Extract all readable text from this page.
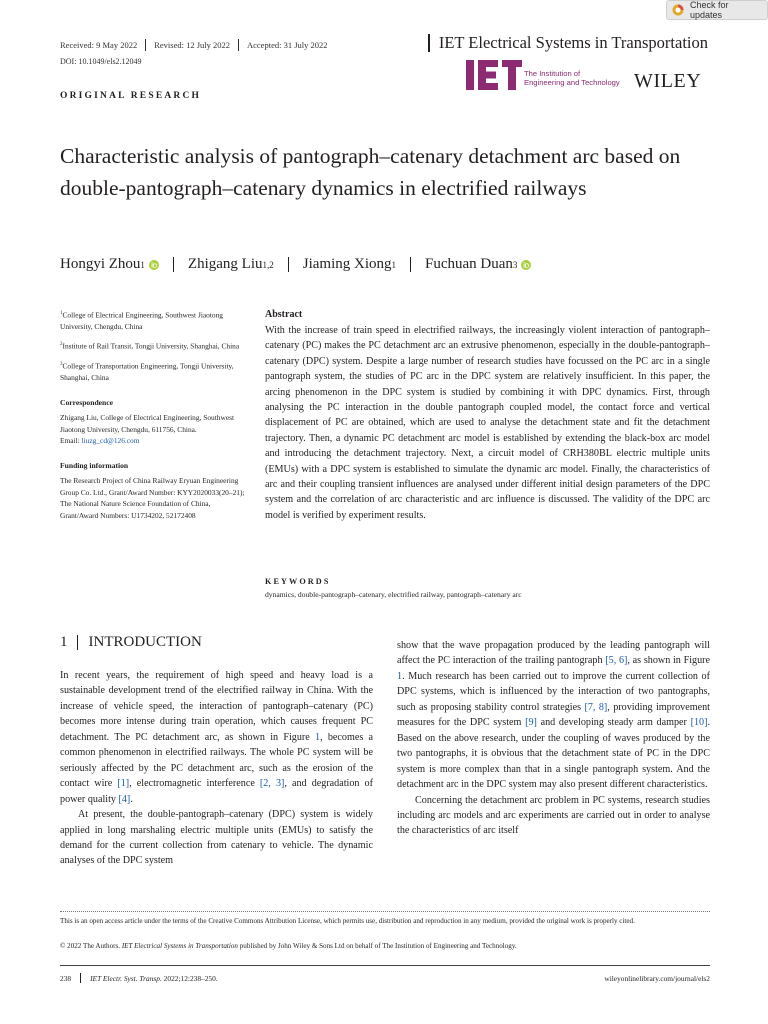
Check for updates
Received: 9 May 2022 Revised: 12 July 2022 Accepted: 31 July 2022	IET Electrical Systems in Transportation
DOI: 10.1049/els2.12049
ORIGINAL RESEARCH
The Institution of
Engineering and Technology WILEY
Characteristic analysis of pantograph–catenary detachment arc based on double-pantograph–catenary dynamics in electrified railways
Hongyi Zhou 1	Zhigang Liu 1,2 Jiaming Xiong 1 Fuchuan Duan 3
$^1$College of Electrical Engineering, Southwest Jiaotong University, Chengdu, China
$^2$Institute of Rail Transit, Tongji University, Shanghai, China
$^3$College of Transportation Engineering, Tongji University, Shanghai, China
Correspondence
Zhigang Liu, College of Electrical Engineering, Southwest Jiaotong University, Chengdu, 611756, China.
Email: liuzg_cd@126.com
Funding information
The Research Project of China Railway Eryuan Engineering Group Co. Ltd., Grant/Award Number: KYY2020033(20–21); The National Nature Science Foundation of China, Grant/Award Numbers: U1734202, 52172408
Abstract
With the increase of train speed in electrified railways, the increasingly violent interaction of pantograph–catenary (PC) makes the PC detachment arc an extrusive phenomenon, especially in the double-pantograph–catenary (DPC) system. Despite a large number of research studies have focussed on the PC arc in a single pantograph system, the studies of PC arc in the DPC system are relatively insufficient. In this paper, the arcing phenomenon in the DPC system is studied by combining it with DPC dynamics. First, through analysing the PC interaction in the double pantograph coupled model, the contact force and vertical displacement of PC are obtained, which are used to analyse the detachment state and fit the detachment trajectory. Then, a dynamic PC detachment arc model is established by extending the black-box arc model and introducing the detachment trajectory. Next, a circuit model of CRH380BL electric multiple units (EMUs) with a DPC system is established to simulate the dynamic arc model. Finally, the characteristics of arc and their coupling transient influences are analysed under different initial design parameters of the DPC system and the correlation of arc characteristic and arc influence is discussed. The validity of the DPC arc model is verified by experiment results.
KEYWORDS
dynamics, double-pantograph–catenary, electrified railway, pantograph–catenary arc
1 INTRODUCTION

In recent years, the requirement of high speed and heavy load is a sustainable development trend of the electrified railway in China. With the increase of vehicle speed, the interaction of pantograph–catenary (PC) becomes more intense during train operation, which causes frequent PC detachment. The PC detachment arc, as shown in Figure 1, becomes a common phenomenon in electrified railways. The whole PC system will be seriously affected by the PC detachment arc, such as the erosion of the contact wire [1], electromagnetic interference [2, 3], and degradation of power quality [4].

At present, the double-pantograph–catenary (DPC) system is widely applied in long marshaling electric multiple units (EMUs) to satisfy the demand for the current collection from catenary to vehicle. The dynamic analyses of the DPC system

show that the wave propagation produced by the leading pantograph will affect the PC interaction of the trailing pantograph [5, 6], as shown in Figure 1. Much research has been carried out to improve the current collection of DPC systems, which is influenced by the interaction of two pantographs, such as proposing stability control strategies [7, 8], providing improvement measures for the DPC system [9] and developing steady arm damper [10]. Based on the above research, under the coupling of waves produced by the two pantographs, it is obvious that the detachment state of PC in the DPC system is more complex than that in a single pantograph system. And the detachment arc in the DPC system may also present different characteristics.

Concerning the detachment arc problem in PC systems, research studies including arc models and arc experiments are carried out in order to analyse the characteristics of arc itself

This is an open access article under the terms of the Creative Commons Attribution License, which permits use, distribution and reproduction in any medium, provided the original work is properly cited.
© 2022 The Authors. IET Electrical Systems in Transportation published by John Wiley & Sons Ltd on behalf of The Institution of Engineering and Technology.
238	IET Electr. Syst. Transp. 2022;12:238–250.	wileyonlinelibrary.com/journal/els2
